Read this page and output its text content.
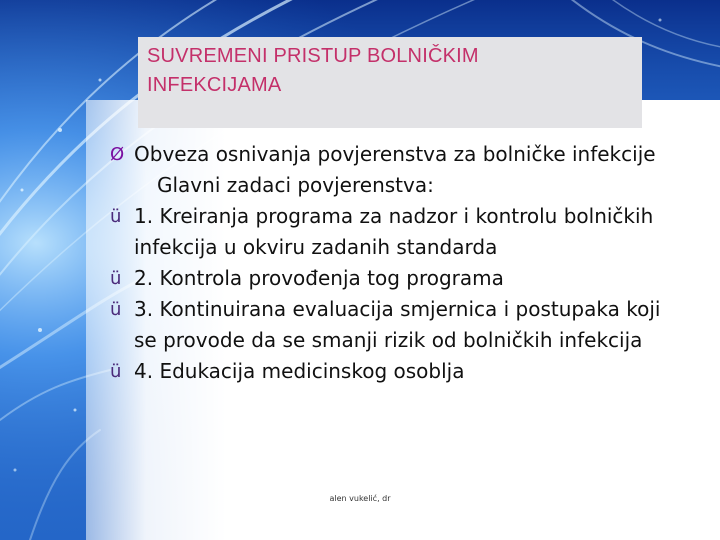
SUVREMENI PRISTUP BOLNIČKIM INFEKCIJAMA
Ø Obveza osnivanja povjerenstva za bolničke infekcije
Glavni zadaci povjerenstva:
ü 1. Kreiranja programa za nadzor i kontrolu bolničkih infekcija u okviru zadanih standarda
ü 2. Kontrola provođenja tog programa
ü 3. Kontinuirana evaluacija smjernica i postupaka koji se provode da se smanji rizik od bolničkih infekcija
ü 4. Edukacija medicinskog osoblja
alen vukelić, dr
